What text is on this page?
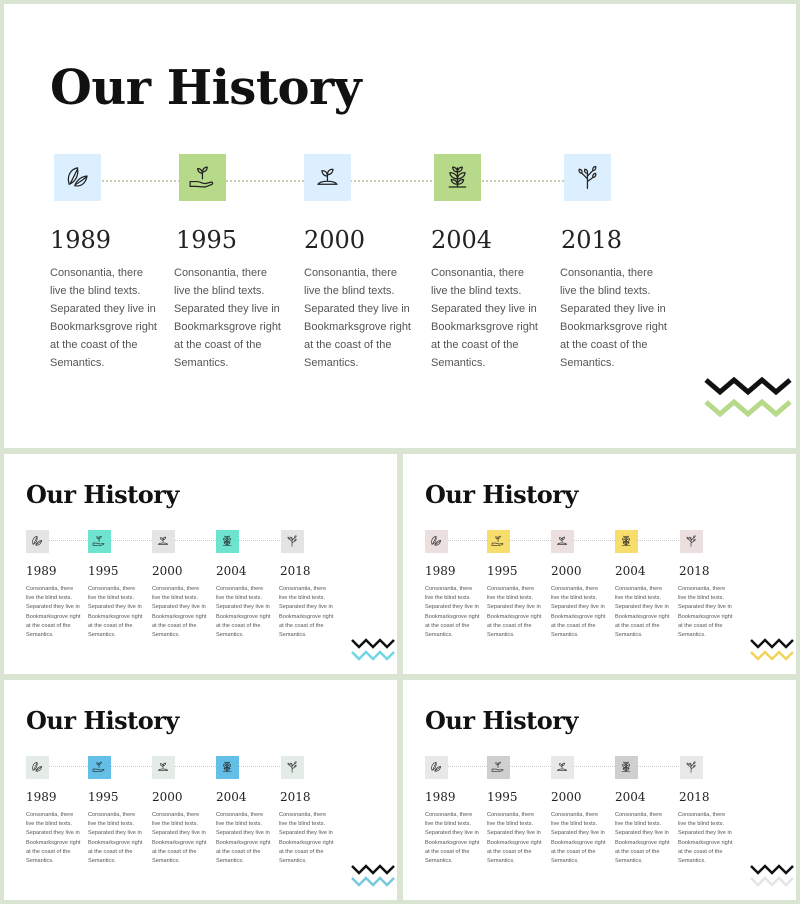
Our History

1989

Consonantia, there
live the blind texts.
Separated they live in
Bookmarksgrove right
at the coast of the
Semantics.

1995

Consonantia, there
live the blind texts.
Separated they live in
Bookmarksgrove right
at the coast of the
Semantics.

2000

Consonantia, there
live the blind texts.
Separated they live in
Bookmarksgrove right
at the coast of the
Semantics.

2004

Consonantia, there
live the blind texts.
Separated they live in
Bookmarksgrove right
at the coast of the
Semantics.

2018

Consonantia, there
live the blind texts.
Separated they live in
Bookmarksgrove right
at the coast of the
Semantics.

Our History

1989

Consonantia, there
live the blind texts.
Separated they live in
Bookmarksgrove right
at the coast of the
Semantics.

1995

Consonantia, there
live the blind texts.
Separated they live in
Bookmarksgrove right
at the coast of the
Semantics.

2000

Consonantia, there
live the blind texts.
Separated they live in
Bookmarksgrove right
at the coast of the
Semantics.

2004

Consonantia, there
live the blind texts.
Separated they live in
Bookmarksgrove right
at the coast of the
Semantics.

2018

Consonantia, there
live the blind texts.
Separated they live in
Bookmarksgrove right
at the coast of the
Semantics.

Our History

1989

Consonantia, there
live the blind texts.
Separated they live in
Bookmarksgrove right
at the coast of the
Semantics.

1995

Consonantia, there
live the blind texts.
Separated they live in
Bookmarksgrove right
at the coast of the
Semantics.

2000

Consonantia, there
live the blind texts.
Separated they live in
Bookmarksgrove right
at the coast of the
Semantics.

2004

Consonantia, there
live the blind texts.
Separated they live in
Bookmarksgrove right
at the coast of the
Semantics.

2018

Consonantia, there
live the blind texts.
Separated they live in
Bookmarksgrove right
at the coast of the
Semantics.

Our History

1989

Consonantia, there
live the blind texts.
Separated they live in
Bookmarksgrove right
at the coast of the
Semantics.

1995

Consonantia, there
live the blind texts.
Separated they live in
Bookmarksgrove right
at the coast of the
Semantics.

2000

Consonantia, there
live the blind texts.
Separated they live in
Bookmarksgrove right
at the coast of the
Semantics.

2004

Consonantia, there
live the blind texts.
Separated they live in
Bookmarksgrove right
at the coast of the
Semantics.

2018

Consonantia, there
live the blind texts.
Separated they live in
Bookmarksgrove right
at the coast of the
Semantics.

Our History

1989

Consonantia, there
live the blind texts.
Separated they live in
Bookmarksgrove right
at the coast of the
Semantics.

1995

Consonantia, there
live the blind texts.
Separated they live in
Bookmarksgrove right
at the coast of the
Semantics.

2000

Consonantia, there
live the blind texts.
Separated they live in
Bookmarksgrove right
at the coast of the
Semantics.

2004

Consonantia, there
live the blind texts.
Separated they live in
Bookmarksgrove right
at the coast of the
Semantics.

2018

Consonantia, there
live the blind texts.
Separated they live in
Bookmarksgrove right
at the coast of the
Semantics.
